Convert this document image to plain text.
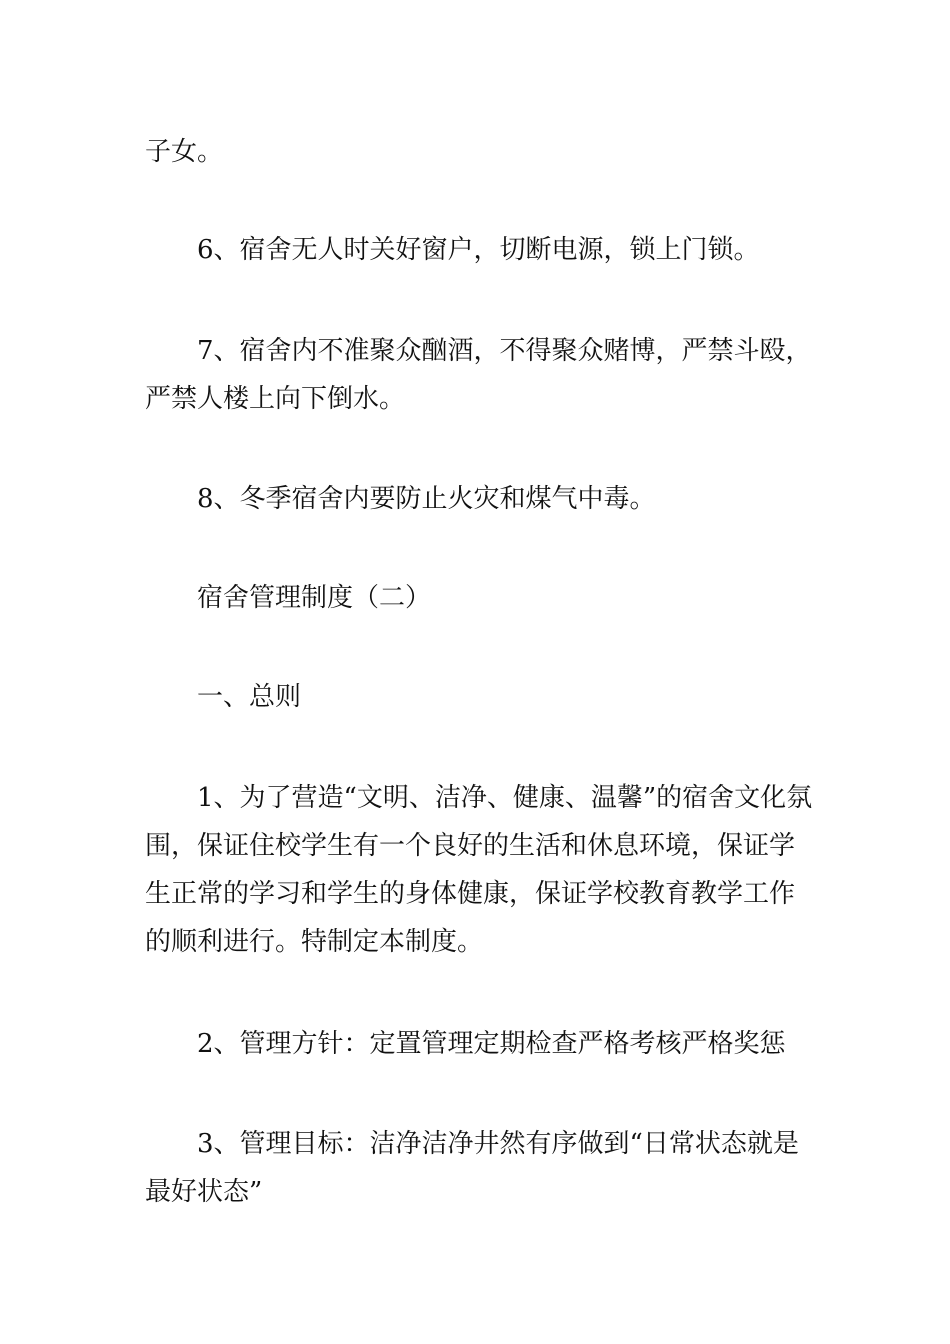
子女。

6、宿舍无人时关好窗户，切断电源，锁上门锁。

7、宿舍内不准聚众酗酒，不得聚众赌博，严禁斗殴，严禁人楼上向下倒水。

8、冬季宿舍内要防止火灾和煤气中毒。

宿舍管理制度（二）

一、总则

1、为了营造“文明、洁净、健康、温馨”的宿舍文化氛围，保证住校学生有一个良好的生活和休息环境，保证学生正常的学习和学生的身体健康，保证学校教育教学工作的顺利进行。特制定本制度。

2、管理方针：定置管理定期检查严格考核严格奖惩

3、管理目标：洁净洁净井然有序做到“日常状态就是最好状态”
